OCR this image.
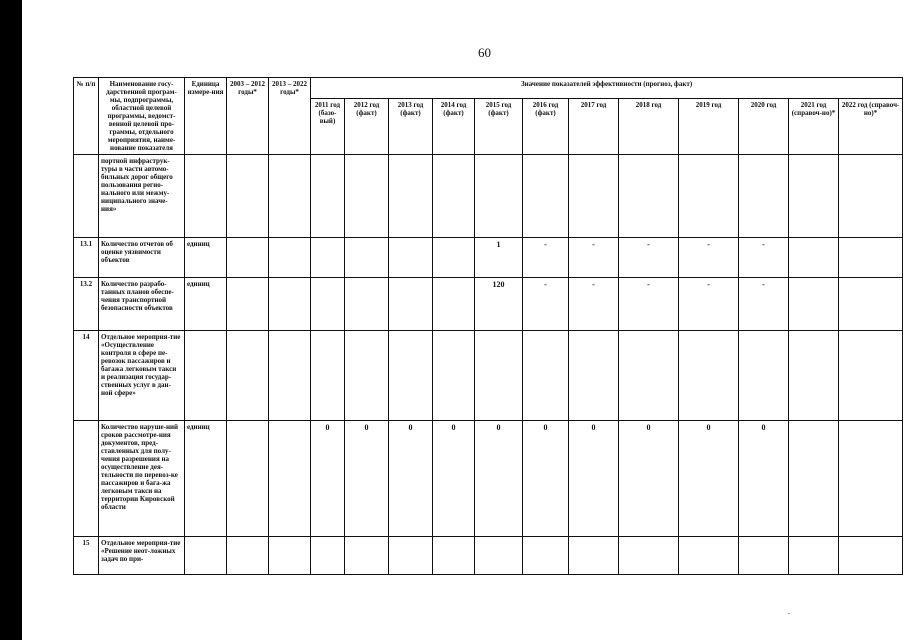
60
№ п/п	Наименование госу-дарственной програм-мы, подпрограммы, областной целевой программы, ведомст-венной целевой про-граммы, отдельного мероприятия, наиме-нование показателя	Единица измере-ния	2003 – 2012 годы*	2013 – 2022 годы*	Значение показателей эффективности (прогноз, факт)											
					2011 год (базо-вый)	2012 год (факт)	2013 год (факт)	2014 год (факт)	2015 год (факт)	2016 год (факт)	2017 год	2018 год	2019 год	2020 год	2021 год (справоч-но)*	2022 год (справоч-но)*
	портной инфраструк-туры в части автомо-бильных дорог общего пользования регио-нального или межму-ниципального значе-ния»															
13.1	Количество отчетов об оценке уязвимости объектов	единиц							1	-	-	-	-	-		
13.2	Количество разрабо-танных планов обеспе-чения транспортной безопасности объектов	единиц							120	-	-	-	-	-		
14	Отдельное мероприя-тие «Осуществление контроля в сфере пе-ревозок пассажиров и багажа легковым такси и реализация государ-ственных услуг в дан-ной сфере»															
	Количество наруше-ний сроков рассмотре-ния документов, пред-ставленных для полу-чения разрешения на осуществление дея-тельности по перевоз-ке пассажиров и бага-жа легковым такси на территории Кировской области	единиц			0	0	0	0	0	0	0	0	0	0		
15	Отдельное мероприя-тие «Решение неот-ложных задач по при-															
